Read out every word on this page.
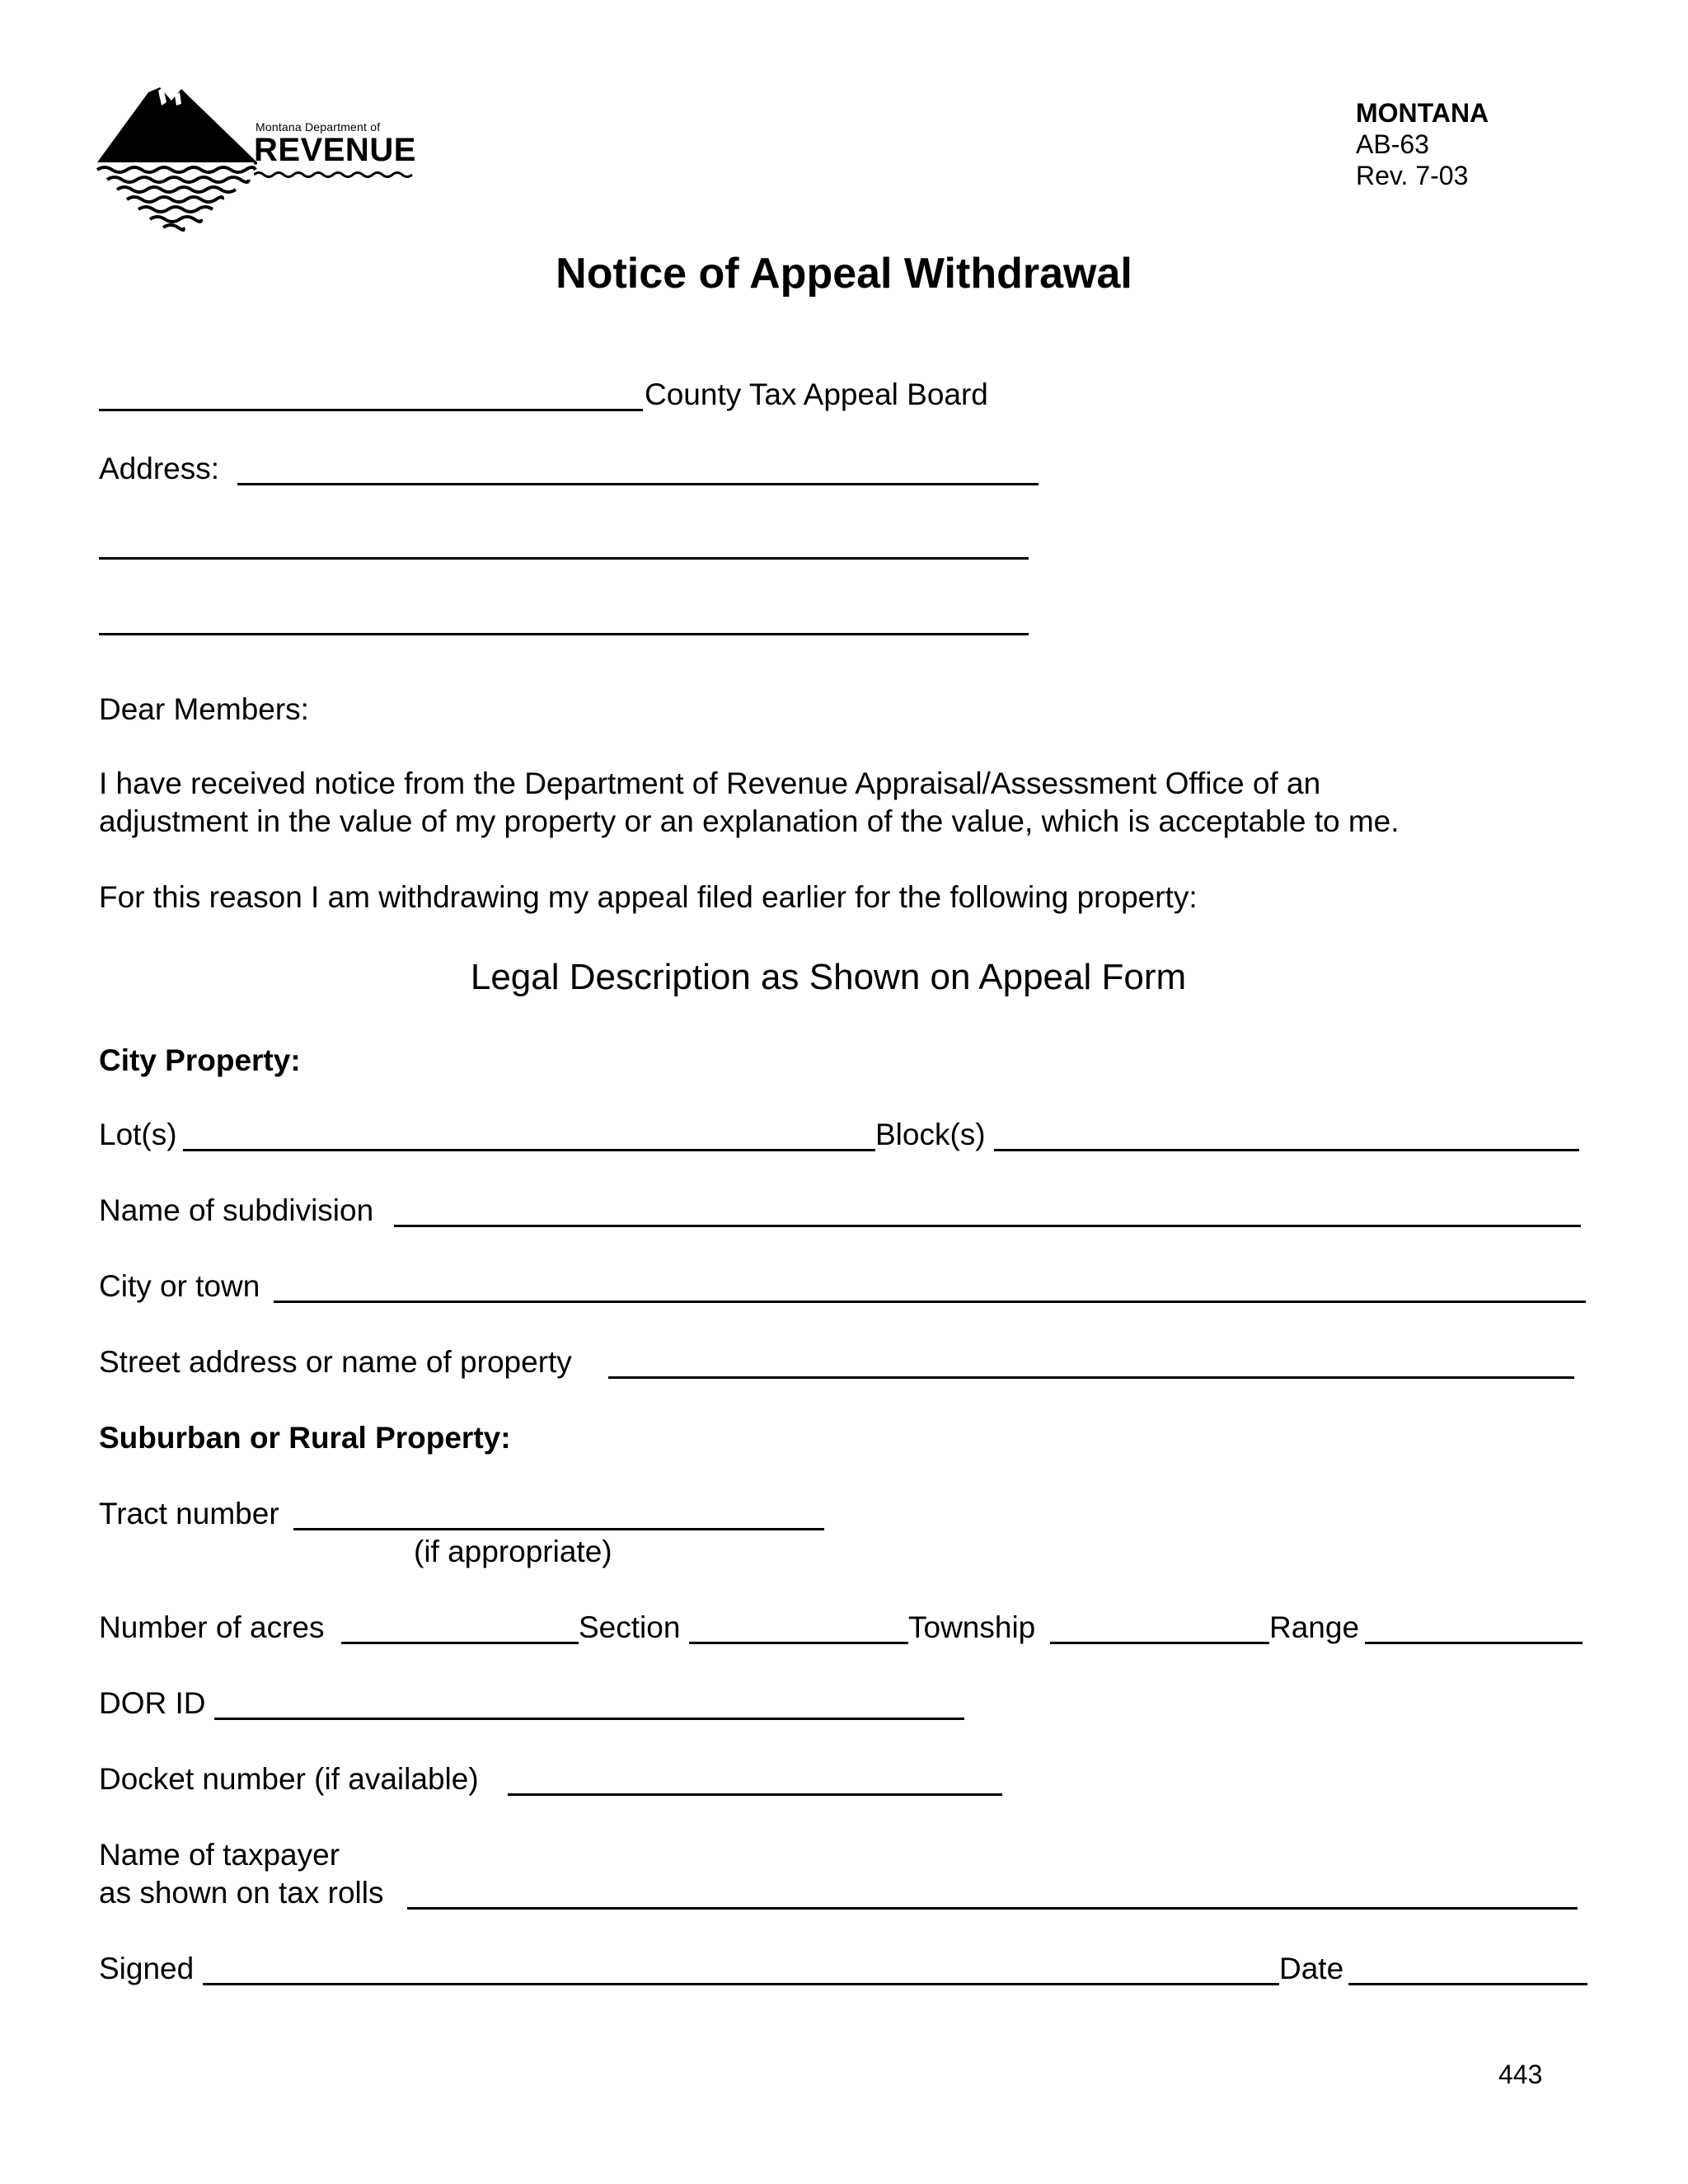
Montana Department of
REVENUE
MONTANA
AB-63
Rev. 7-03
Notice of Appeal Withdrawal
County Tax Appeal Board
Address:
Dear Members:
I have received notice from the Department of Revenue Appraisal/Assessment Office of an
adjustment in the value of my property or an explanation of the value, which is acceptable to me.
For this reason I am withdrawing my appeal filed earlier for the following property:
Legal Description as Shown on Appeal Form
City Property:
Lot(s)	Block(s)
Name of subdivision
City or town
Street address or name of property
Suburban or Rural Property:
Tract number
(if appropriate)
Number of acres	Section	Township	Range
DOR ID
Docket number (if available)
Name of taxpayer
as shown on tax rolls
Signed	Date
443
